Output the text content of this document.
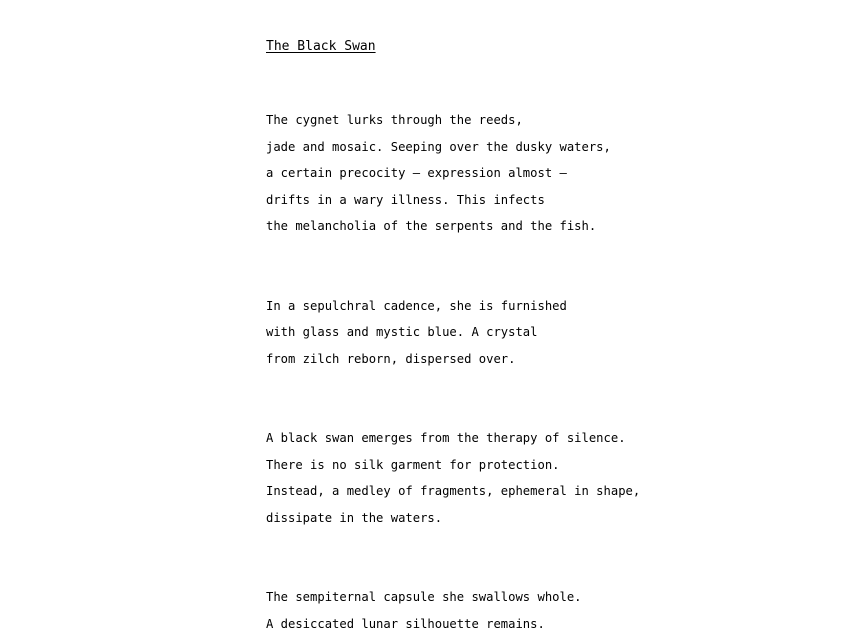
The Black Swan

The cygnet lurks through the reeds,

jade and mosaic. Seeping over the dusky waters,

a certain precocity – expression almost –

drifts in a wary illness. This infects

the melancholia of the serpents and the fish.

In a sepulchral cadence, she is furnished

with glass and mystic blue. A crystal

from zilch reborn, dispersed over.

A black swan emerges from the therapy of silence.

There is no silk garment for protection.

Instead, a medley of fragments, ephemeral in shape,

dissipate in the waters.

The sempiternal capsule she swallows whole.

A desiccated lunar silhouette remains.
